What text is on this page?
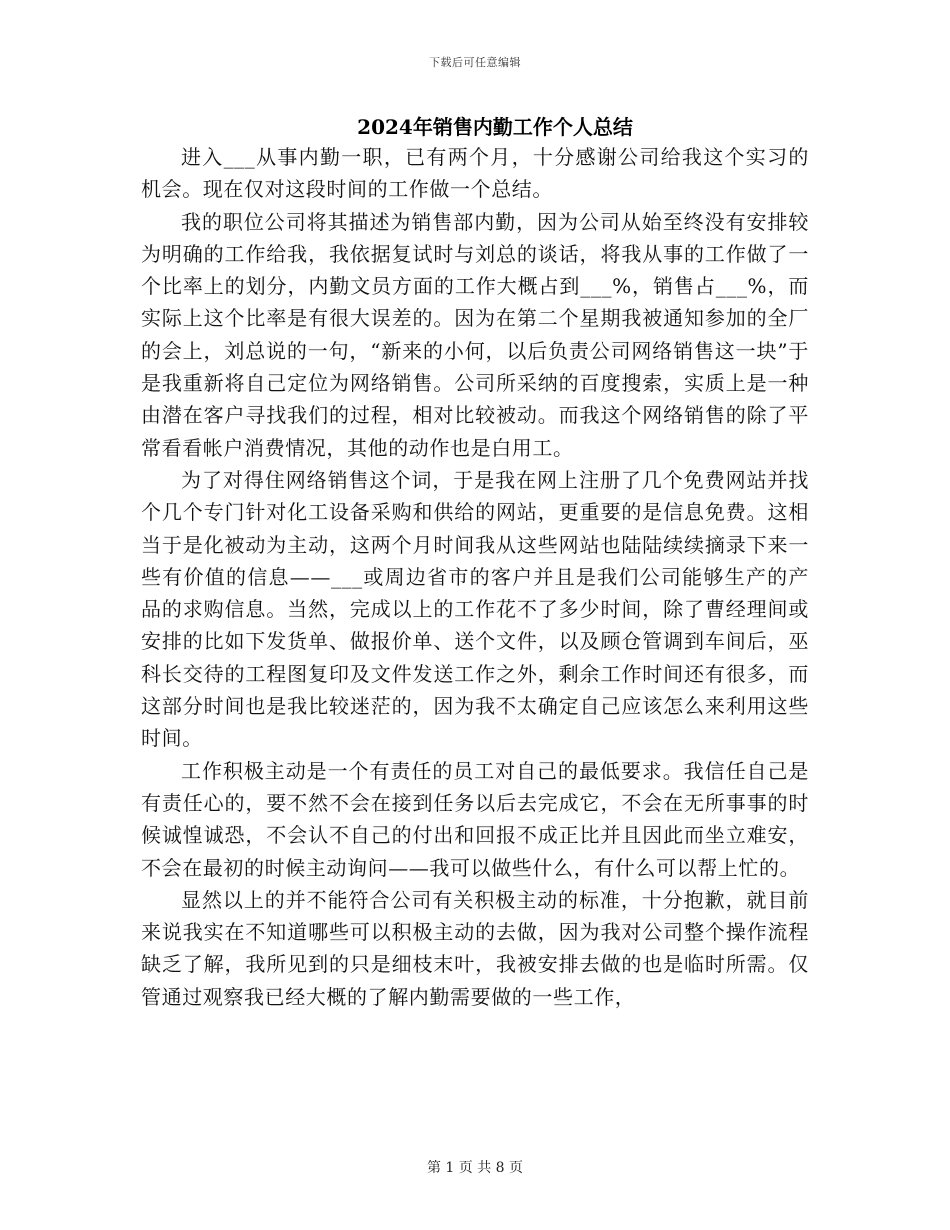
下载后可任意编辑
2024年销售内勤工作个人总结

进入___从事内勤一职，已有两个月，十分感谢公司给我这个实习的机会。现在仅对这段时间的工作做一个总结。

我的职位公司将其描述为销售部内勤，因为公司从始至终没有安排较为明确的工作给我，我依据复试时与刘总的谈话，将我从事的工作做了一个比率上的划分，内勤文员方面的工作大概占到___%，销售占___%，而实际上这个比率是有很大误差的。因为在第二个星期我被通知参加的全厂的会上，刘总说的一句，“新来的小何，以后负责公司网络销售这一块”于是我重新将自己定位为网络销售。公司所采纳的百度搜索，实质上是一种由潜在客户寻找我们的过程，相对比较被动。而我这个网络销售的除了平常看看帐户消费情况，其他的动作也是白用工。

为了对得住网络销售这个词，于是我在网上注册了几个免费网站并找个几个专门针对化工设备采购和供给的网站，更重要的是信息免费。这相当于是化被动为主动，这两个月时间我从这些网站也陆陆续续摘录下来一些有价值的信息——___或周边省市的客户并且是我们公司能够生产的产品的求购信息。当然，完成以上的工作花不了多少时间，除了曹经理间或安排的比如下发货单、做报价单、送个文件，以及顾仓管调到车间后，巫科长交待的工程图复印及文件发送工作之外，剩余工作时间还有很多，而这部分时间也是我比较迷茫的，因为我不太确定自己应该怎么来利用这些时间。

工作积极主动是一个有责任的员工对自己的最低要求。我信任自己是有责任心的，要不然不会在接到任务以后去完成它，不会在无所事事的时候诚惶诚恐，不会认不自己的付出和回报不成正比并且因此而坐立难安，不会在最初的时候主动询问——我可以做些什么，有什么可以帮上忙的。

显然以上的并不能符合公司有关积极主动的标准，十分抱歉，就目前来说我实在不知道哪些可以积极主动的去做，因为我对公司整个操作流程缺乏了解，我所见到的只是细枝末叶，我被安排去做的也是临时所需。仅管通过观察我已经大概的了解内勤需要做的一些工作，

第 1 页 共 8 页
